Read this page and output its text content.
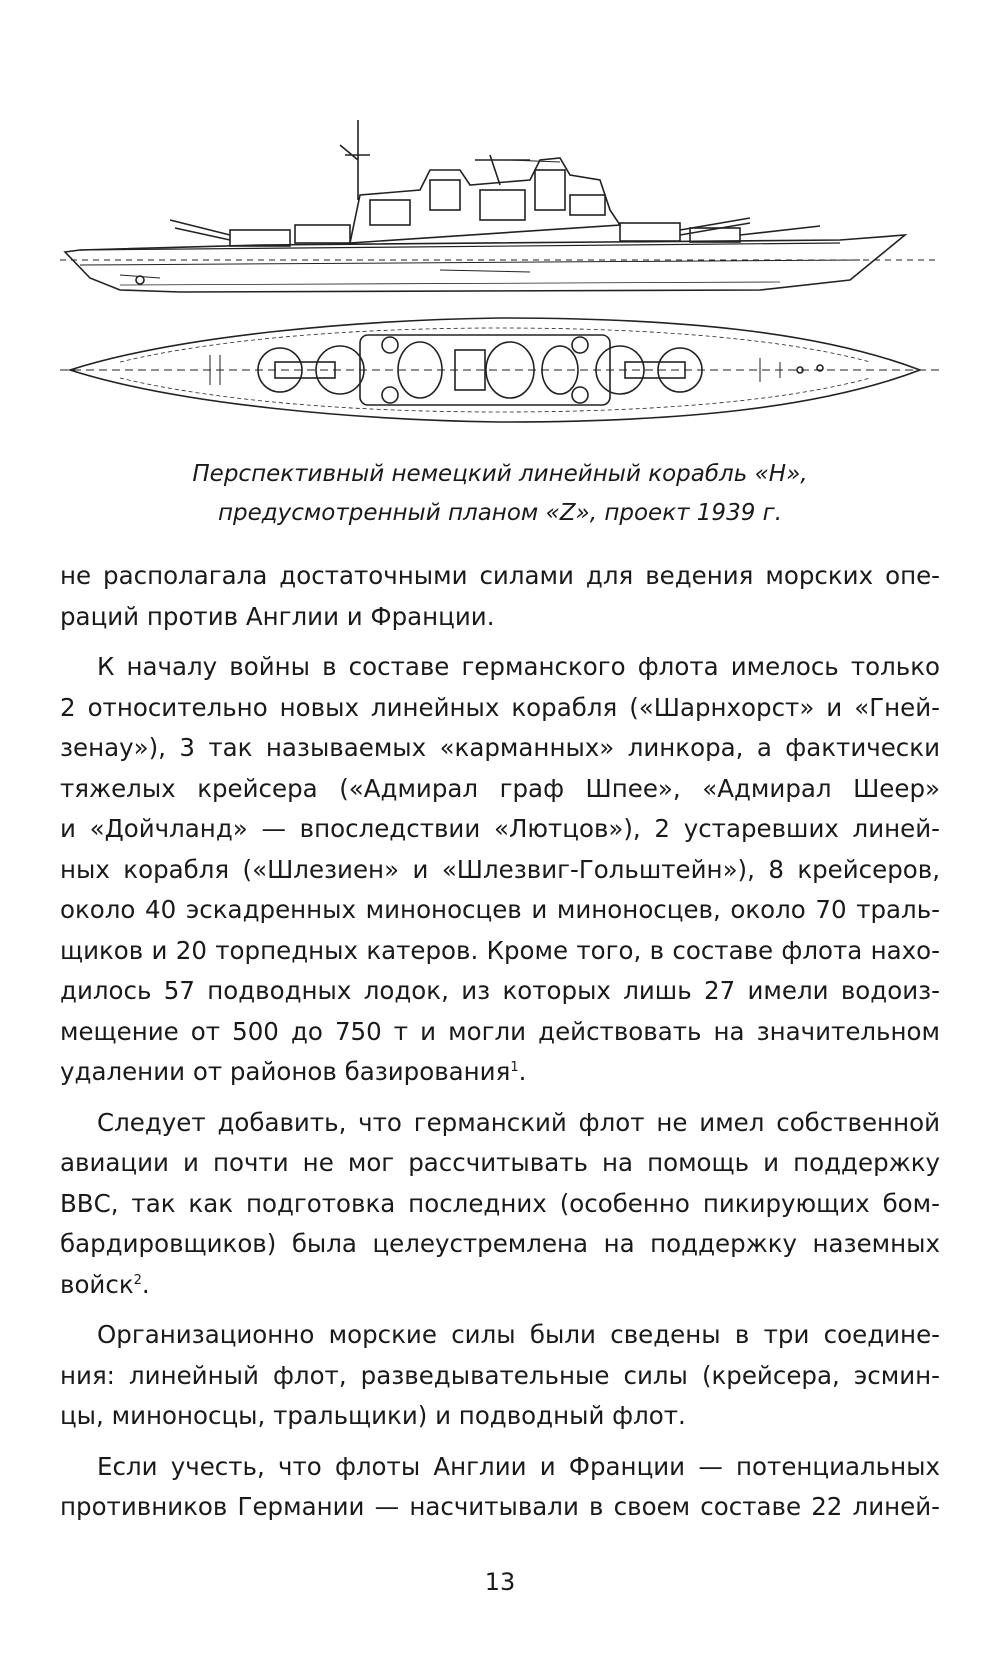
Перспективный немецкий линейный корабль «H»,
предусмотренный планом «Z», проект 1939 г.
не располагала достаточными силами для ведения морских опе-
раций против Англии и Франции.
К началу войны в составе германского флота имелось только
2 относительно новых линейных корабля («Шарнхорст» и «Гней-
зенау»), 3 так называемых «карманных» линкора, а фактически
тяжелых крейсера («Адмирал граф Шпее», «Адмирал Шеер»
и «Дойчланд» — впоследствии «Лютцов»), 2 устаревших линей-
ных корабля («Шлезиен» и «Шлезвиг-Гольштейн»), 8 крейсеров,
около 40 эскадренных миноносцев и миноносцев, около 70 траль-
щиков и 20 торпедных катеров. Кроме того, в составе флота нахо-
дилось 57 подводных лодок, из которых лишь 27 имели водоиз-
мещение от 500 до 750 т и могли действовать на значительном
удалении от районов базирования$^1$.
Следует добавить, что германский флот не имел собственной
авиации и почти не мог рассчитывать на помощь и поддержку
ВВС, так как подготовка последних (особенно пикирующих бом-
бардировщиков) была целеустремлена на поддержку наземных
войск$^2$.
Организационно морские силы были сведены в три соедине-
ния: линейный флот, разведывательные силы (крейсера, эсмин-
цы, миноносцы, тральщики) и подводный флот.
Если учесть, что флоты Англии и Франции — потенциальных
противников Германии — насчитывали в своем составе 22 линей-
13
